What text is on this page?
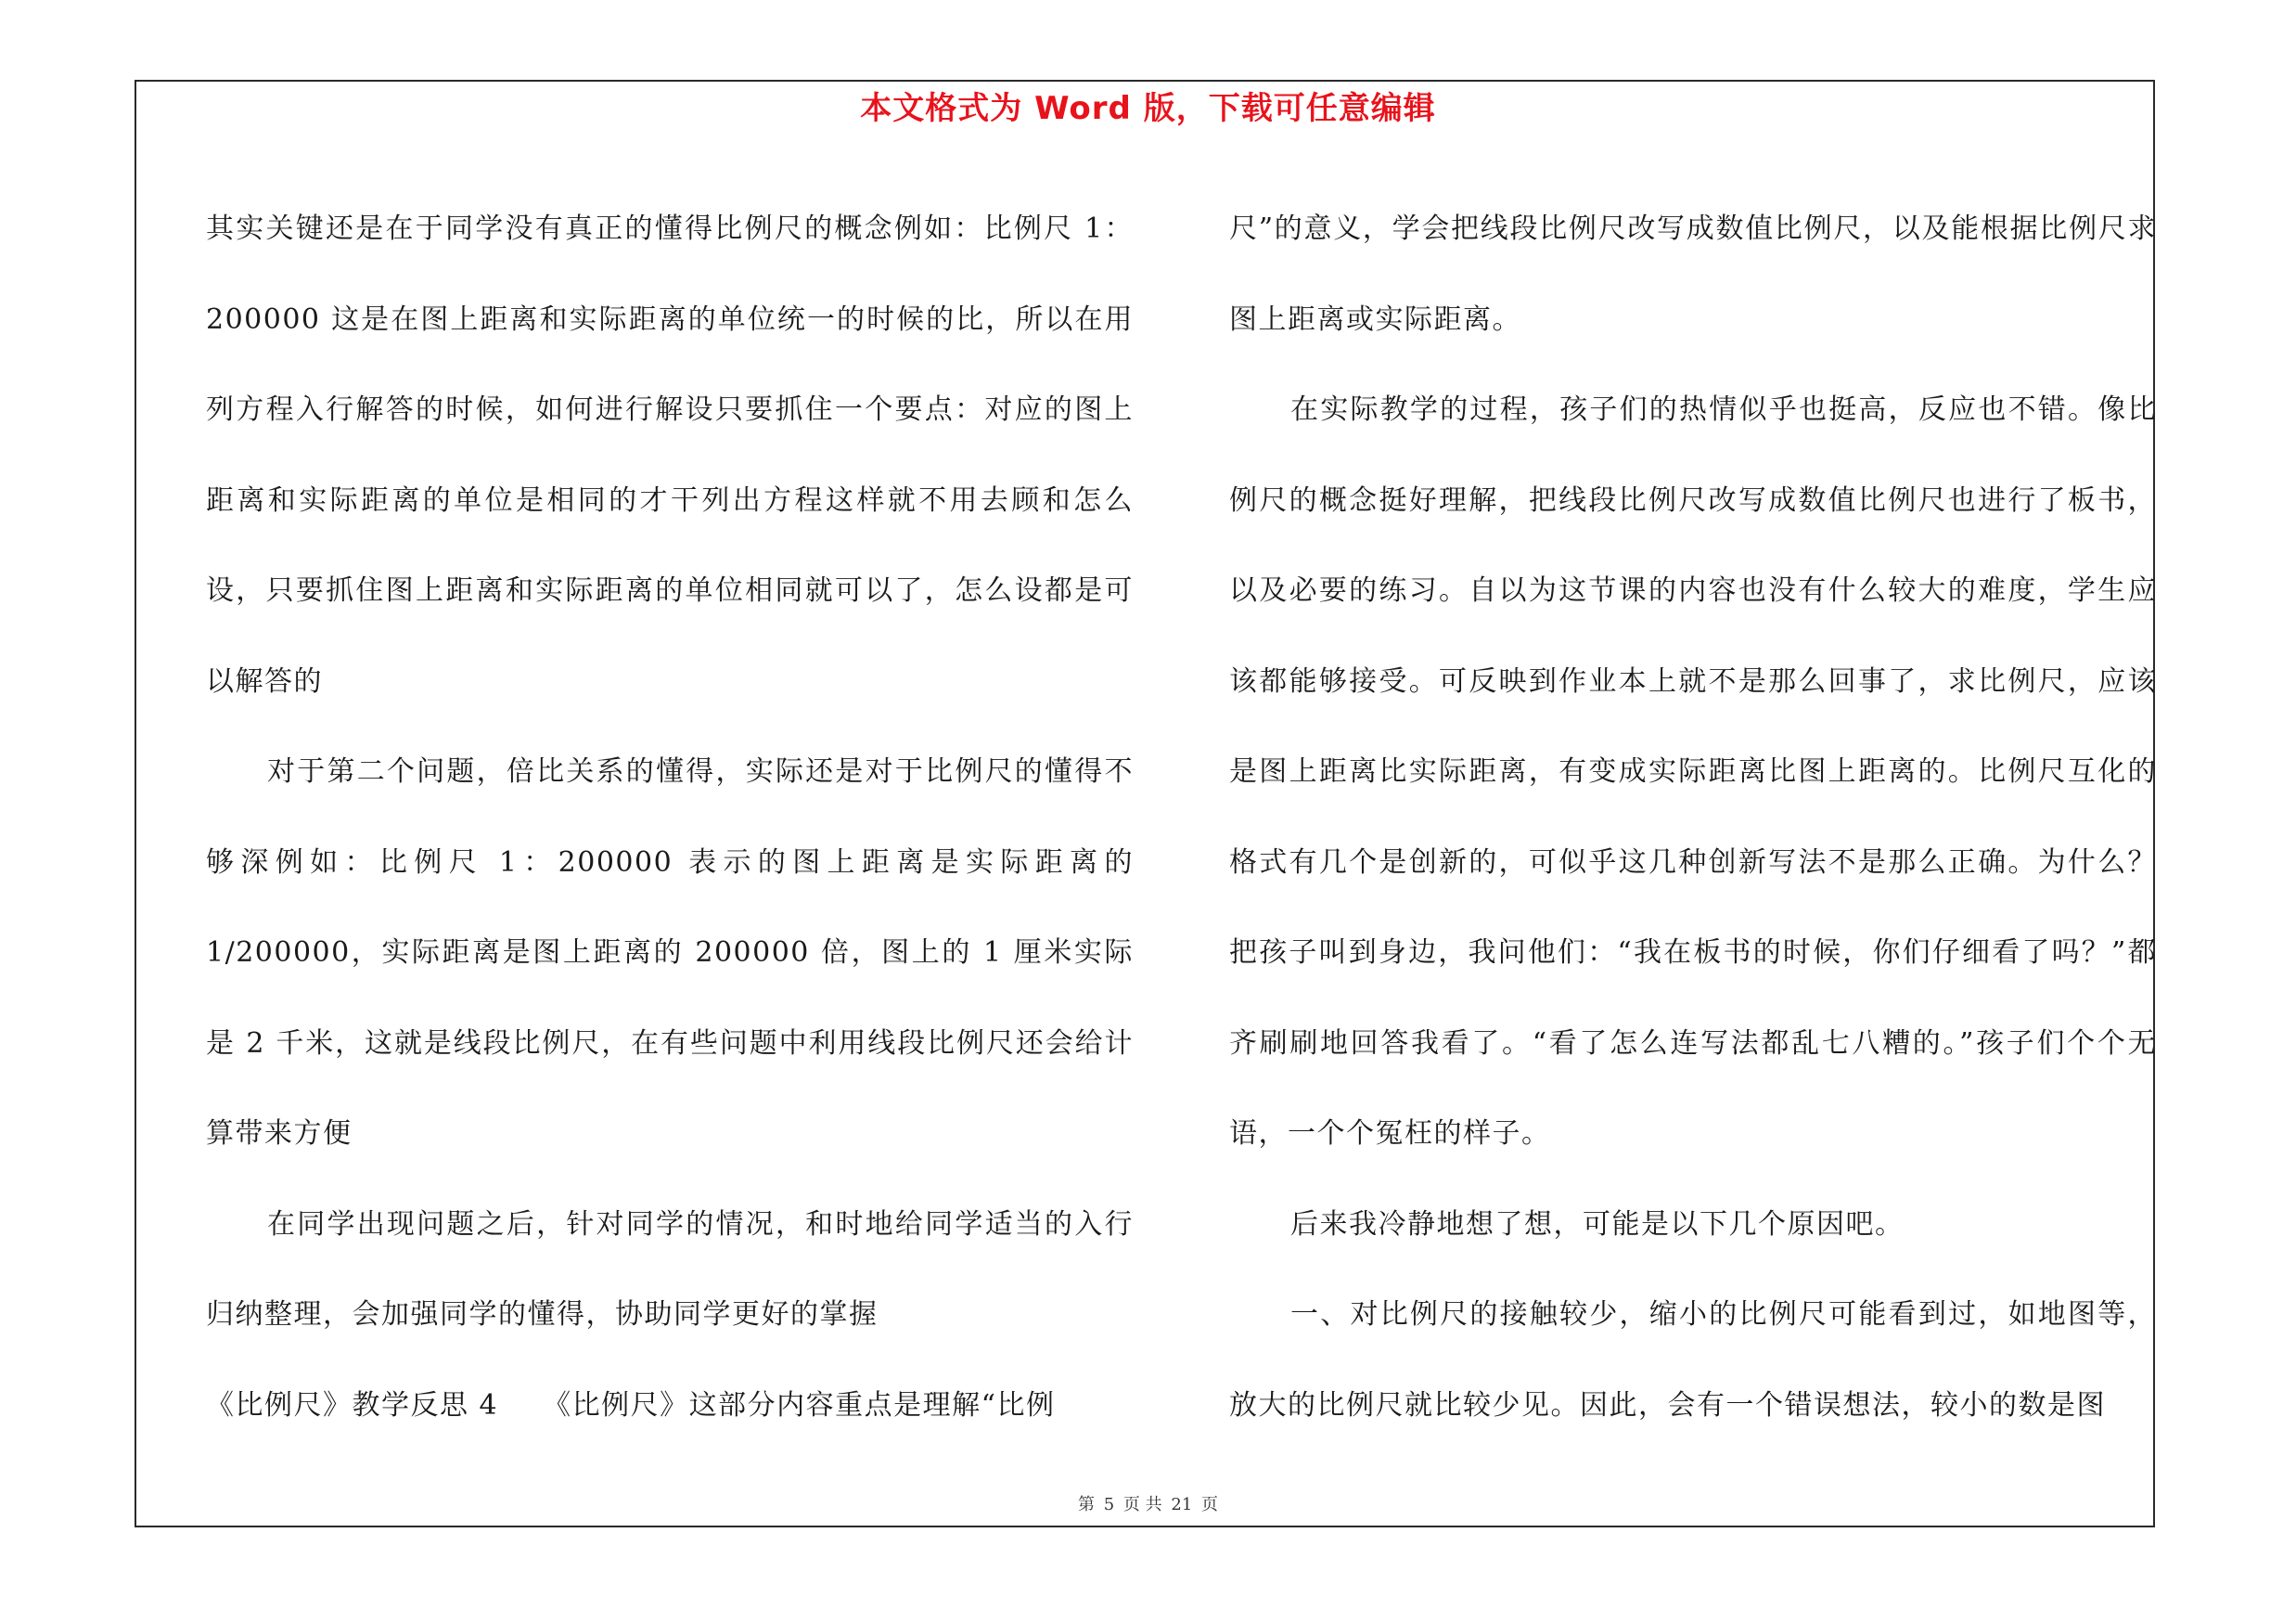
本文格式为 Word 版，下载可任意编辑

其实关键还是在于同学没有真正的懂得比例尺的概念例如：比例尺 1：200000 这是在图上距离和实际距离的单位统一的时候的比，所以在用列方程入行解答的时候，如何进行解设只要抓住一个要点：对应的图上距离和实际距离的单位是相同的才干列出方程这样就不用去顾和怎么设，只要抓住图上距离和实际距离的单位相同就可以了，怎么设都是可以解答的

对于第二个问题，倍比关系的懂得，实际还是对于比例尺的懂得不够深例如：比例尺 1：200000 表示的图上距离是实际距离的 1/200000，实际距离是图上距离的 200000 倍，图上的 1 厘米实际是 2 千米，这就是线段比例尺，在有些问题中利用线段比例尺还会给计算带来方便

在同学出现问题之后，针对同学的情况，和时地给同学适当的入行归纳整理，会加强同学的懂得，协助同学更好的掌握

《比例尺》教学反思 4　　《比例尺》这部分内容重点是理解“比例

尺”的意义，学会把线段比例尺改写成数值比例尺，以及能根据比例尺求图上距离或实际距离。

在实际教学的过程，孩子们的热情似乎也挺高，反应也不错。像比例尺的概念挺好理解，把线段比例尺改写成数值比例尺也进行了板书，以及必要的练习。自以为这节课的内容也没有什么较大的难度，学生应该都能够接受。可反映到作业本上就不是那么回事了，求比例尺，应该是图上距离比实际距离，有变成实际距离比图上距离的。比例尺互化的格式有几个是创新的，可似乎这几种创新写法不是那么正确。为什么？把孩子叫到身边，我问他们：“我在板书的时候，你们仔细看了吗？”都齐刷刷地回答我看了。“看了怎么连写法都乱七八糟的。”孩子们个个无语，一个个冤枉的样子。

后来我冷静地想了想，可能是以下几个原因吧。

一、对比例尺的接触较少，缩小的比例尺可能看到过，如地图等，放大的比例尺就比较少见。因此，会有一个错误想法，较小的数是图

第 5 页 共 21 页
